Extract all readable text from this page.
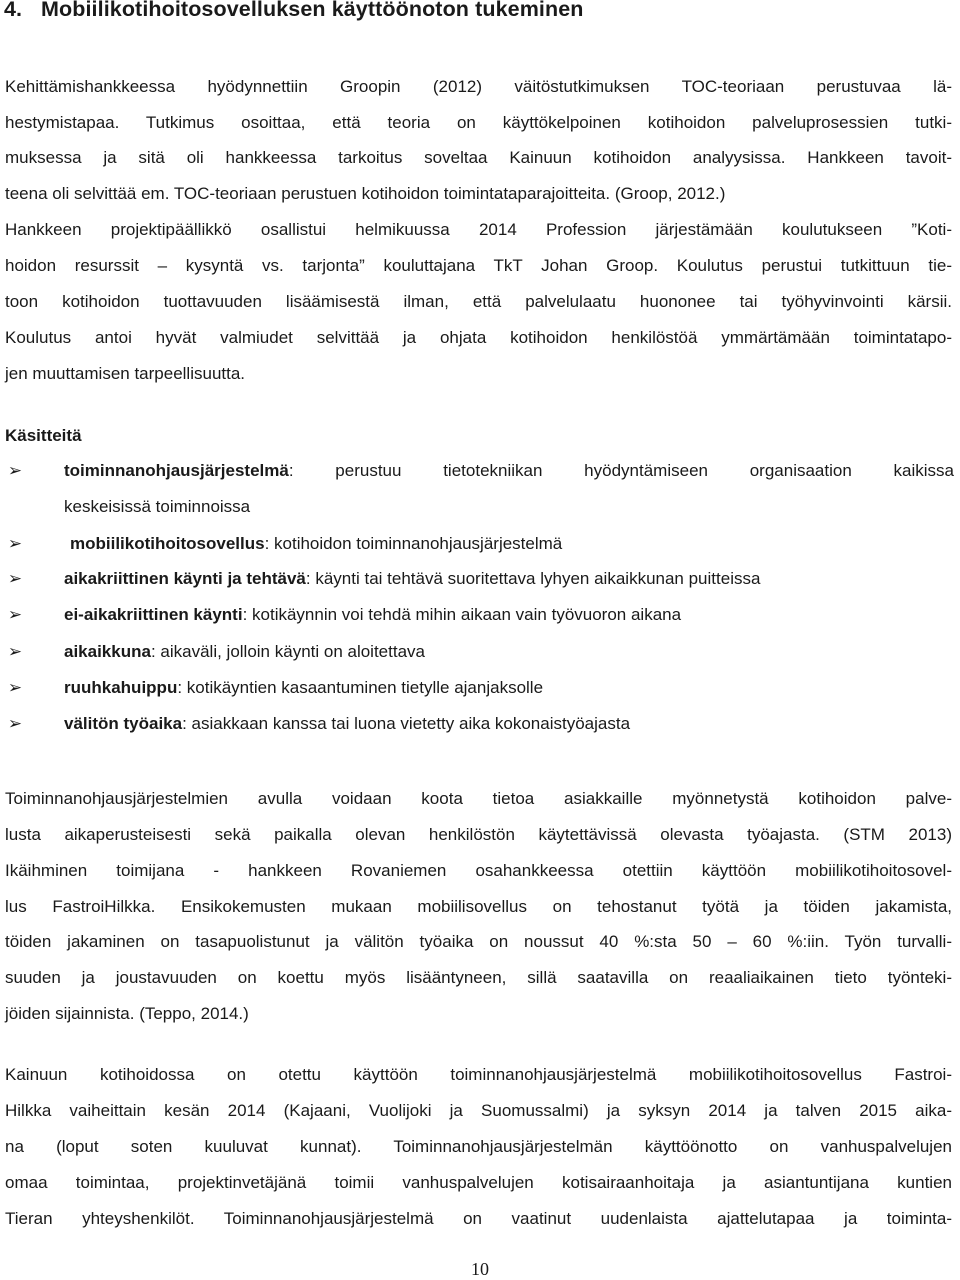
4. Mobiilikotihoitosovelluksen käyttöönoton tukeminen
Kehittämishankkeessa hyödynnettiin Groopin (2012) väitöstutkimuksen TOC-teoriaan perustuvaa lä-
hestymistapaa. Tutkimus osoittaa, että teoria on käyttökelpoinen kotihoidon palveluprosessien tutki-
muksessa ja sitä oli hankkeessa tarkoitus soveltaa Kainuun kotihoidon analyysissa. Hankkeen tavoit-
teena oli selvittää em. TOC-teoriaan perustuen kotihoidon toimintataparajoitteita. (Groop, 2012.)
Hankkeen projektipäällikkö osallistui helmikuussa 2014 Profession järjestämään koulutukseen ”Koti-
hoidon resurssit – kysyntä vs. tarjonta” kouluttajana TkT Johan Groop. Koulutus perustui tutkittuun tie-
toon kotihoidon tuottavuuden lisäämisestä ilman, että palvelulaatu huononee tai työhyvinvointi kärsii.
Koulutus antoi hyvät valmiudet selvittää ja ohjata kotihoidon henkilöstöä ymmärtämään toimintatapo-
jen muuttamisen tarpeellisuutta.
Käsitteitä
➢ toiminnanohjausjärjestelmä: perustuu tietotekniikan hyödyntämiseen organisaation kaikissa
keskeisissä toiminnoissa
➢	mobiilikotihoitosovellus: kotihoidon toiminnanohjausjärjestelmä
➢ aikakriittinen käynti ja tehtävä: käynti tai tehtävä suoritettava lyhyen aikaikkunan puitteissa
➢ ei-aikakriittinen käynti: kotikäynnin voi tehdä mihin aikaan vain työvuoron aikana
➢ aikaikkuna: aikaväli, jolloin käynti on aloitettava
➢ ruuhkahuippu: kotikäyntien kasaantuminen tietylle ajanjaksolle
➢ välitön työaika: asiakkaan kanssa tai luona vietetty aika kokonaistyöajasta
Toiminnanohjausjärjestelmien avulla voidaan koota tietoa asiakkaille myönnetystä kotihoidon palve-
lusta aikaperusteisesti sekä paikalla olevan henkilöstön käytettävissä olevasta työajasta. (STM 2013)
Ikäihminen toimijana - hankkeen Rovaniemen osahankkeessa otettiin käyttöön mobiilikotihoitosovel-
lus FastroiHilkka. Ensikokemusten mukaan mobiilisovellus on tehostanut työtä ja töiden jakamista,
töiden jakaminen on tasapuolistunut ja välitön työaika on noussut 40 %:sta 50 – 60 %:iin. Työn turvalli-
suuden ja joustavuuden on koettu myös lisääntyneen, sillä saatavilla on reaaliaikainen tieto työnteki-
jöiden sijainnista. (Teppo, 2014.)
Kainuun kotihoidossa on otettu käyttöön toiminnanohjausjärjestelmä mobiilikotihoitosovellus Fastroi-
Hilkka vaiheittain kesän 2014 (Kajaani, Vuolijoki ja Suomussalmi) ja syksyn 2014 ja talven 2015 aika-
na (loput soten kuuluvat kunnat). Toiminnanohjausjärjestelmän käyttöönotto on vanhuspalvelujen
omaa toimintaa, projektinvetäjänä toimii vanhuspalvelujen kotisairaanhoitaja ja asiantuntijana kuntien
Tieran yhteyshenkilöt. Toiminnanohjausjärjestelmä on vaatinut uudenlaista ajattelutapaa ja toiminta-
10
